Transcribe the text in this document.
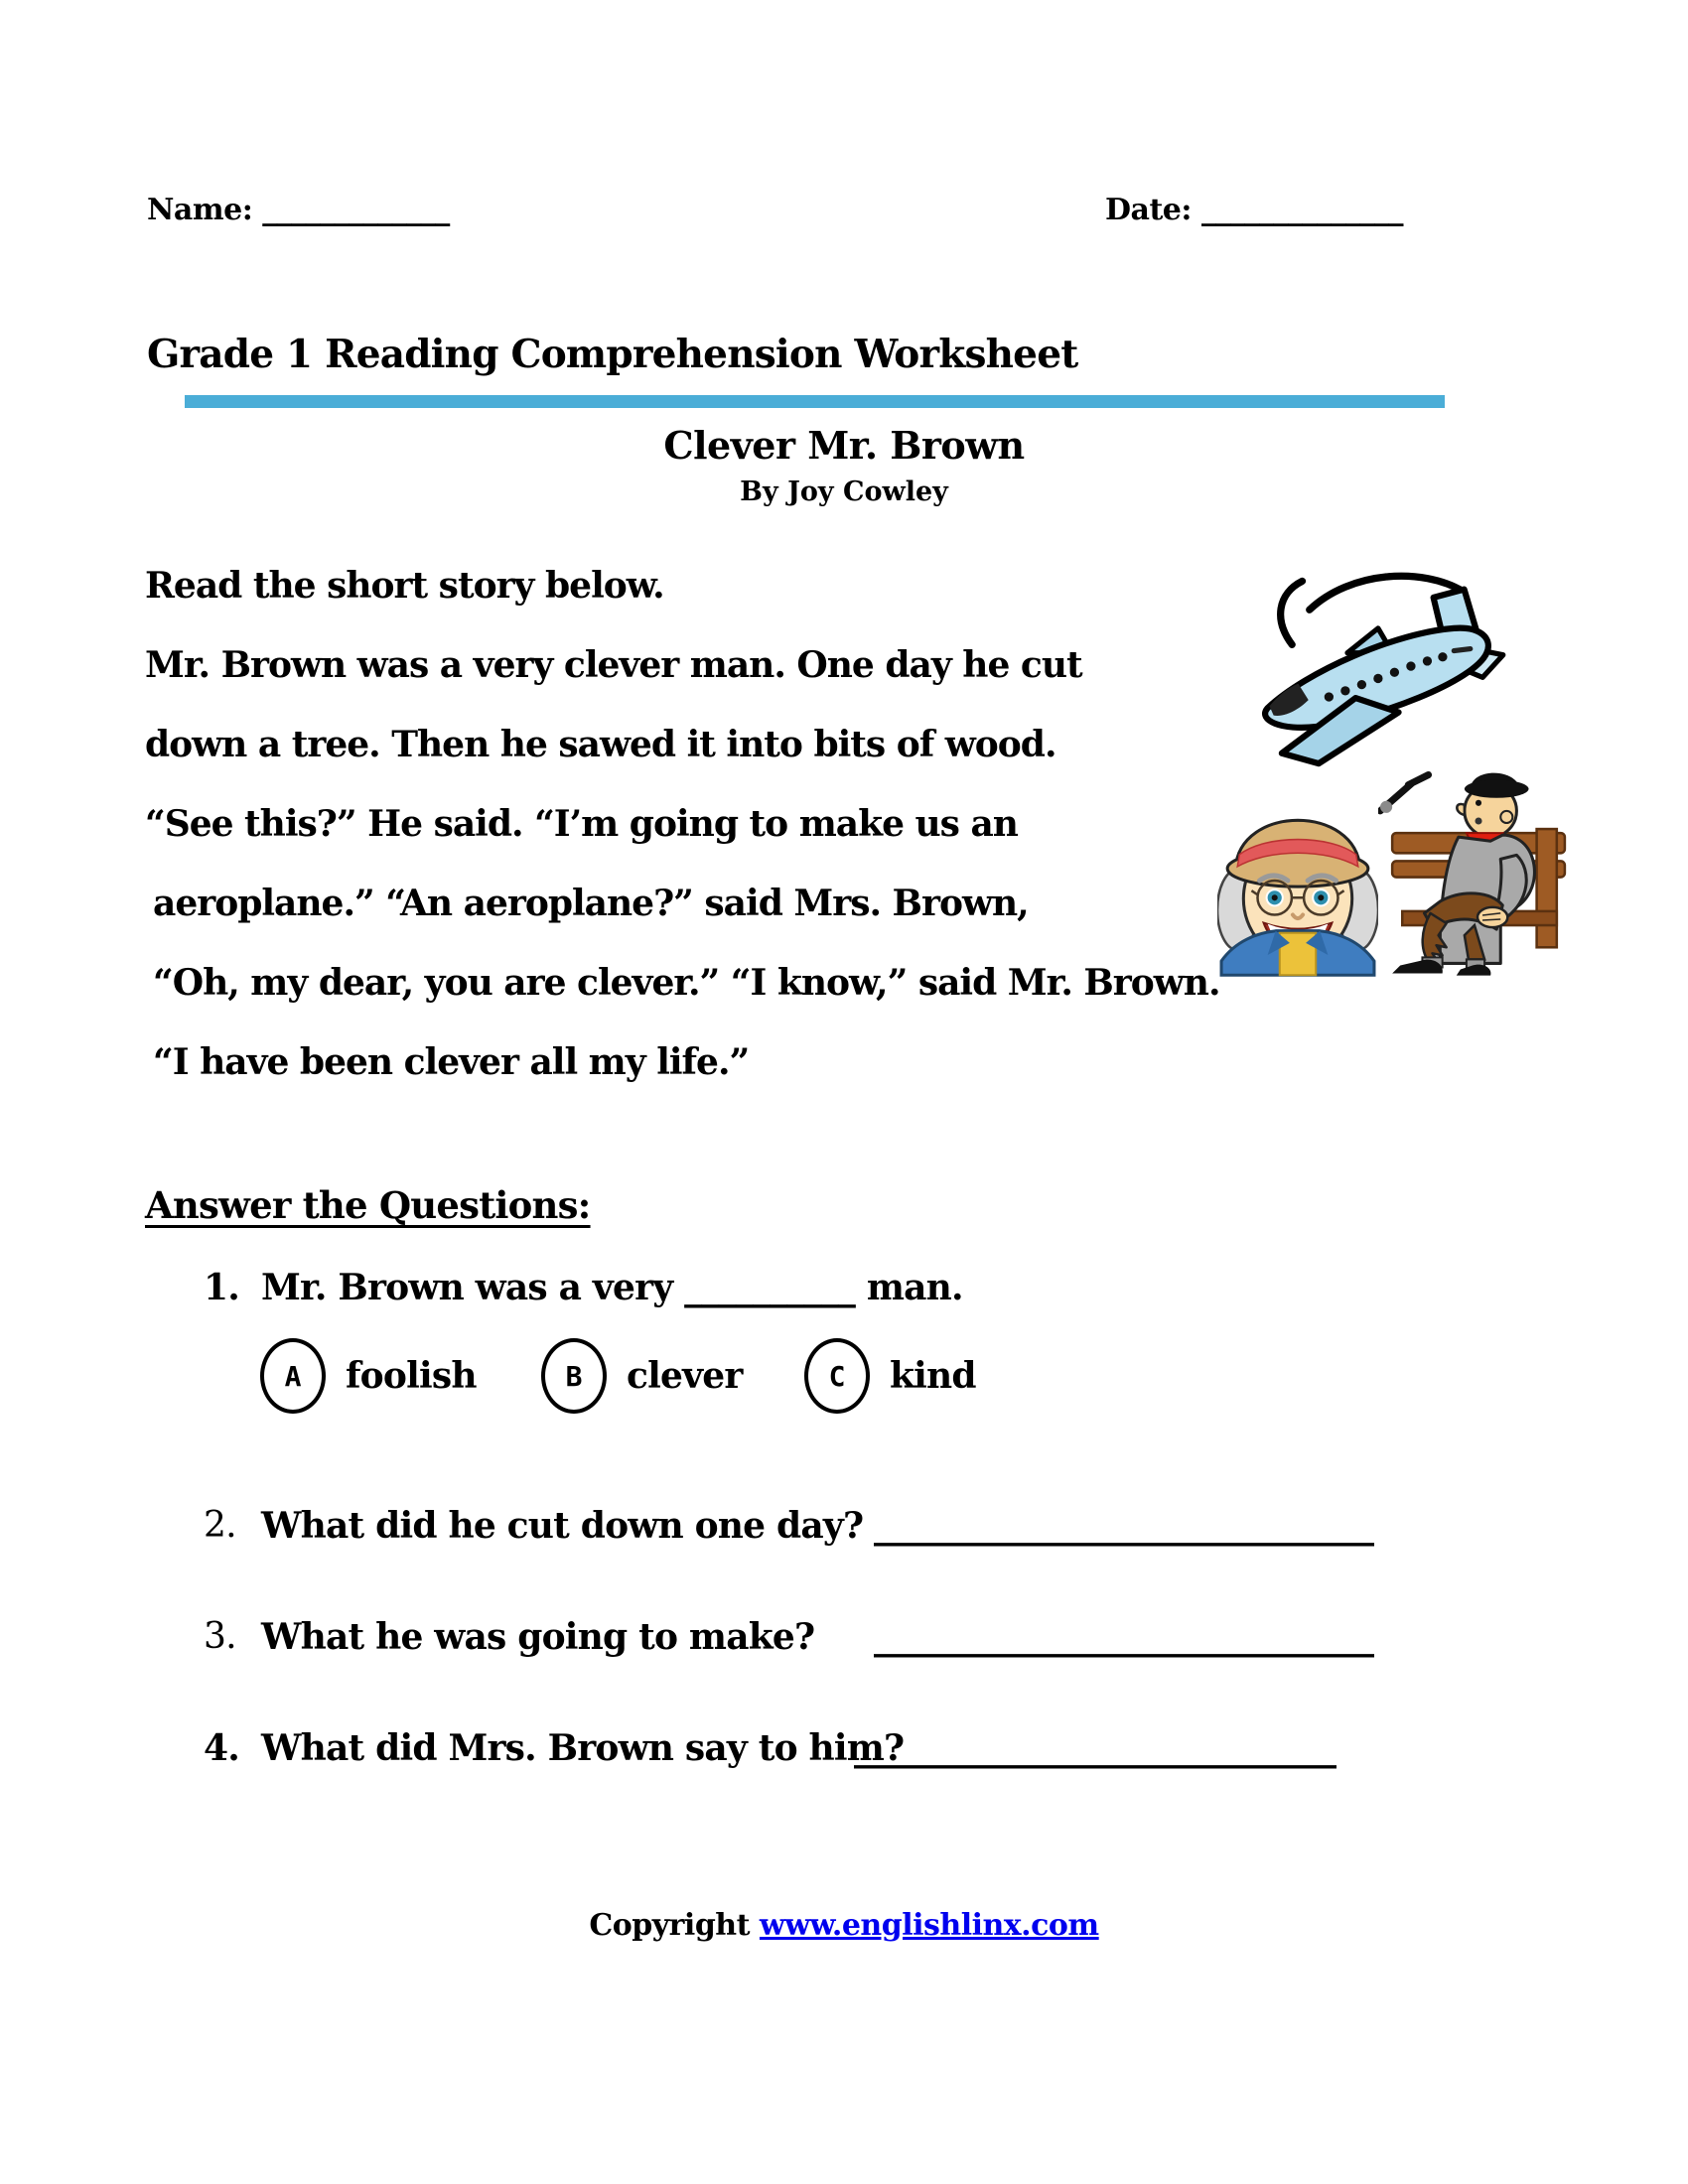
Name: _____________	Date: ______________
Grade 1 Reading Comprehension Worksheet
Clever Mr. Brown
By Joy Cowley
Read the short story below.
Mr. Brown was a very clever man. One day he cut
down a tree. Then he sawed it into bits of wood.
“See this?” He said. “I’m going to make us an
aeroplane.” “An aeroplane?” said Mrs. Brown,
“Oh, my dear, you are clever.” “I know,” said Mr. Brown.
“I have been clever all my life.”
Answer the Questions:
1. Mr. Brown was a very __________ man.
A	foolish	B	clever	C	kind
2. What did he cut down one day? ____________________________
3. What he was going to make? ____________________________
4. What did Mrs. Brown say to him?
___________________________
Copyright www.englishlinx.com
